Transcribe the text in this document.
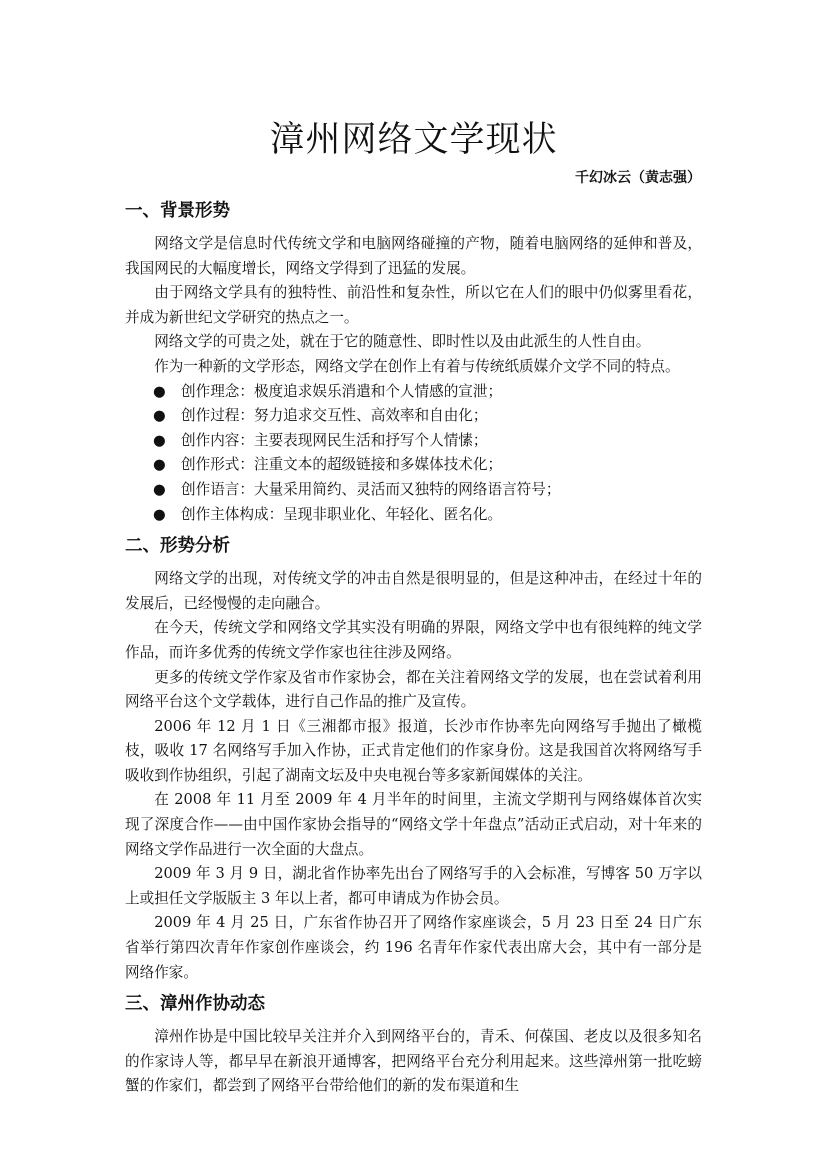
漳州网络文学现状
千幻冰云（黄志强）
一、背景形势

网络文学是信息时代传统文学和电脑网络碰撞的产物，随着电脑网络的延伸和普及，我国网民的大幅度增长，网络文学得到了迅猛的发展。

由于网络文学具有的独特性、前沿性和复杂性，所以它在人们的眼中仍似雾里看花，并成为新世纪文学研究的热点之一。

网络文学的可贵之处，就在于它的随意性、即时性以及由此派生的人性自由。

作为一种新的文学形态，网络文学在创作上有着与传统纸质媒介文学不同的特点。

● 创作理念：极度追求娱乐消遣和个人情感的宣泄；
● 创作过程：努力追求交互性、高效率和自由化；
● 创作内容：主要表现网民生活和抒写个人情愫；
● 创作形式：注重文本的超级链接和多媒体技术化；
● 创作语言：大量采用简约、灵活而又独特的网络语言符号；
● 创作主体构成：呈现非职业化、年轻化、匿名化。
二、形势分析

网络文学的出现，对传统文学的冲击自然是很明显的，但是这种冲击，在经过十年的发展后，已经慢慢的走向融合。

在今天，传统文学和网络文学其实没有明确的界限，网络文学中也有很纯粹的纯文学作品，而许多优秀的传统文学作家也往往涉及网络。

更多的传统文学作家及省市作家协会，都在关注着网络文学的发展，也在尝试着利用网络平台这个文学载体，进行自己作品的推广及宣传。

2006 年 12 月 1 日《三湘都市报》报道，长沙市作协率先向网络写手抛出了橄榄枝，吸收 17 名网络写手加入作协，正式肯定他们的作家身份。这是我国首次将网络写手吸收到作协组织，引起了湖南文坛及中央电视台等多家新闻媒体的关注。

在 2008 年 11 月至 2009 年 4 月半年的时间里，主流文学期刊与网络媒体首次实现了深度合作——由中国作家协会指导的“网络文学十年盘点”活动正式启动，对十年来的网络文学作品进行一次全面的大盘点。

2009 年 3 月 9 日，湖北省作协率先出台了网络写手的入会标准，写博客 50 万字以上或担任文学版版主 3 年以上者，都可申请成为作协会员。

2009 年 4 月 25 日，广东省作协召开了网络作家座谈会，5 月 23 日至 24 日广东省举行第四次青年作家创作座谈会，约 196 名青年作家代表出席大会，其中有一部分是网络作家。

三、漳州作协动态

漳州作协是中国比较早关注并介入到网络平台的，青禾、何葆国、老皮以及很多知名的作家诗人等，都早早在新浪开通博客，把网络平台充分利用起来。这些漳州第一批吃螃蟹的作家们，都尝到了网络平台带给他们的新的发布渠道和生
